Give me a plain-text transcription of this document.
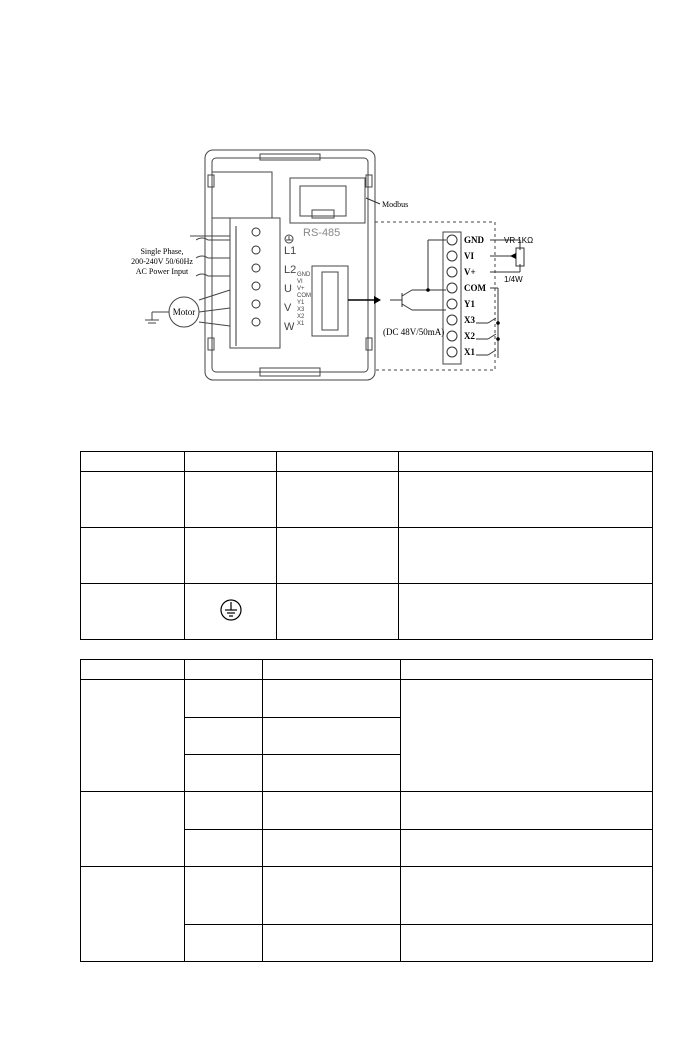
L1
L2
U
V
W
RS-485
Modbus
GND
VI
V+
COM
Y1
X3
X2
X1
Single Phase,
200-240V 50/60Hz
AC Power Input
Motor
GND
VI
V+
COM
Y1
X3
X2
X1
(DC 48V/50mA)
VR 1KΩ
1/4W
